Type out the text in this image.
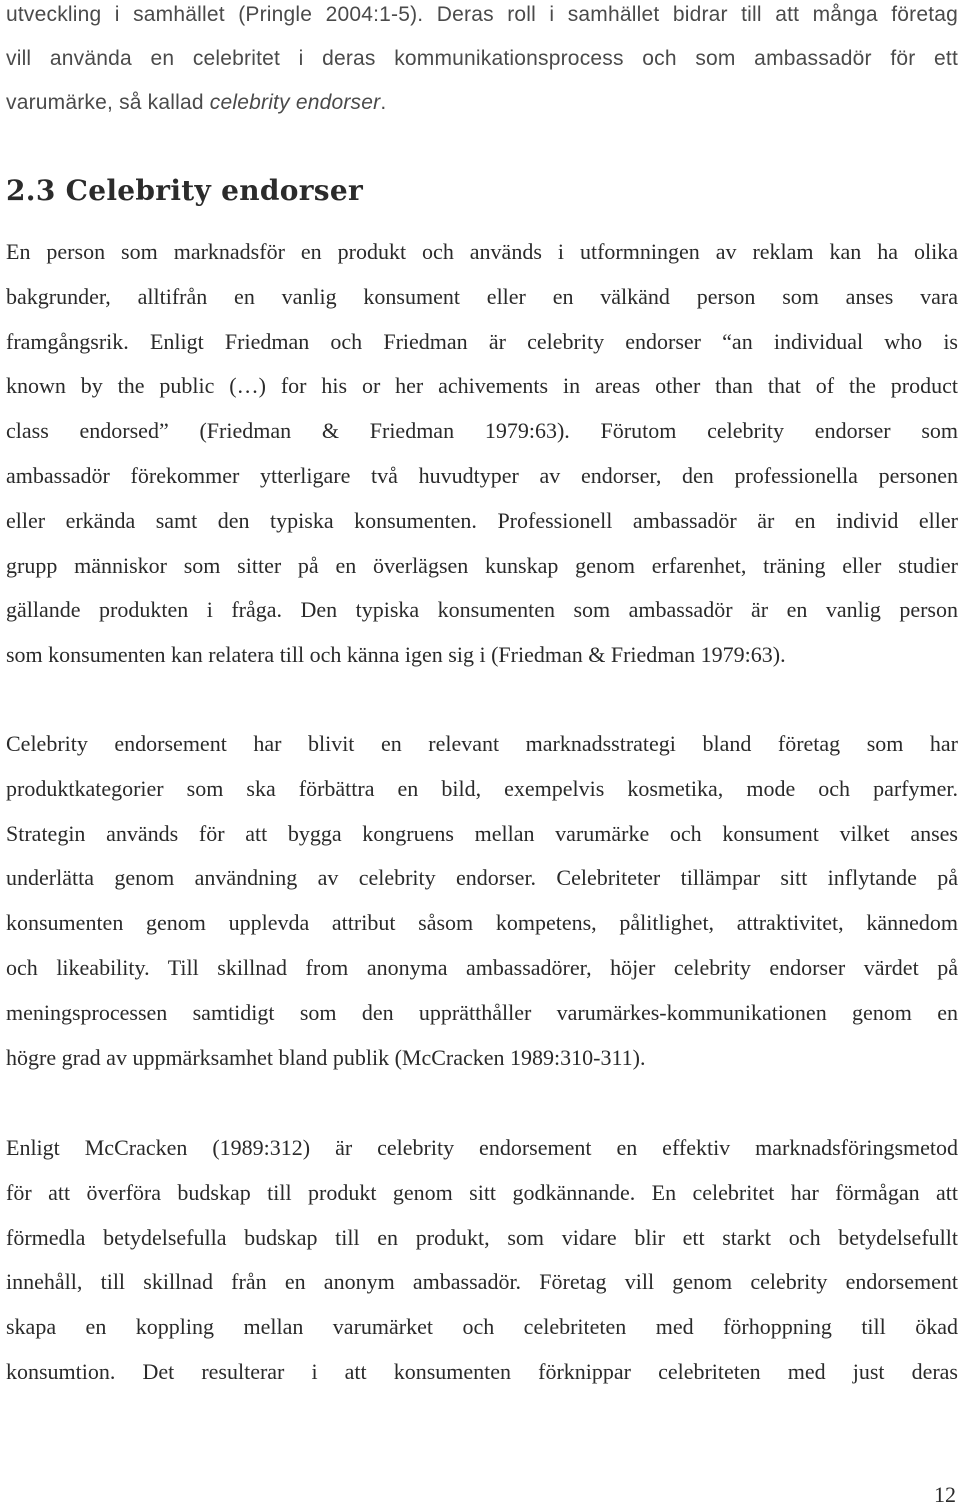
utveckling i samhället (Pringle 2004:1-5). Deras roll i samhället bidrar till att många företag
vill använda en celebritet i deras kommunikationsprocess och som ambassadör för ett
varumärke, så kallad celebrity endorser.
2.3 Celebrity endorser
En person som marknadsför en produkt och används i utformningen av reklam kan ha olika
bakgrunder, alltifrån en vanlig konsument eller en välkänd person som anses vara
framgångsrik. Enligt Friedman och Friedman är celebrity endorser “an individual who is
known by the public (…) for his or her achivements in areas other than that of the product
class endorsed” (Friedman & Friedman 1979:63). Förutom celebrity endorser som
ambassadör förekommer ytterligare två huvudtyper av endorser, den professionella personen
eller erkända samt den typiska konsumenten. Professionell ambassadör är en individ eller
grupp människor som sitter på en överlägsen kunskap genom erfarenhet, träning eller studier
gällande produkten i fråga. Den typiska konsumenten som ambassadör är en vanlig person
som konsumenten kan relatera till och känna igen sig i (Friedman & Friedman 1979:63).
Celebrity endorsement har blivit en relevant marknadsstrategi bland företag som har
produktkategorier som ska förbättra en bild, exempelvis kosmetika, mode och parfymer.
Strategin används för att bygga kongruens mellan varumärke och konsument vilket anses
underlätta genom användning av celebrity endorser. Celebriteter tillämpar sitt inflytande på
konsumenten genom upplevda attribut såsom kompetens, pålitlighet, attraktivitet, kännedom
och likeability. Till skillnad from anonyma ambassadörer, höjer celebrity endorser värdet på
meningsprocessen samtidigt som den upprätthåller varumärkes-kommunikationen genom en
högre grad av uppmärksamhet bland publik (McCracken 1989:310-311).
Enligt McCracken (1989:312) är celebrity endorsement en effektiv marknadsföringsmetod
för att överföra budskap till produkt genom sitt godkännande. En celebritet har förmågan att
förmedla betydelsefulla budskap till en produkt, som vidare blir ett starkt och betydelsefullt
innehåll, till skillnad från en anonym ambassadör. Företag vill genom celebrity endorsement
skapa en koppling mellan varumärket och celebriteten med förhoppning till ökad
konsumtion. Det resulterar i att konsumenten förknippar celebriteten med just deras
12
